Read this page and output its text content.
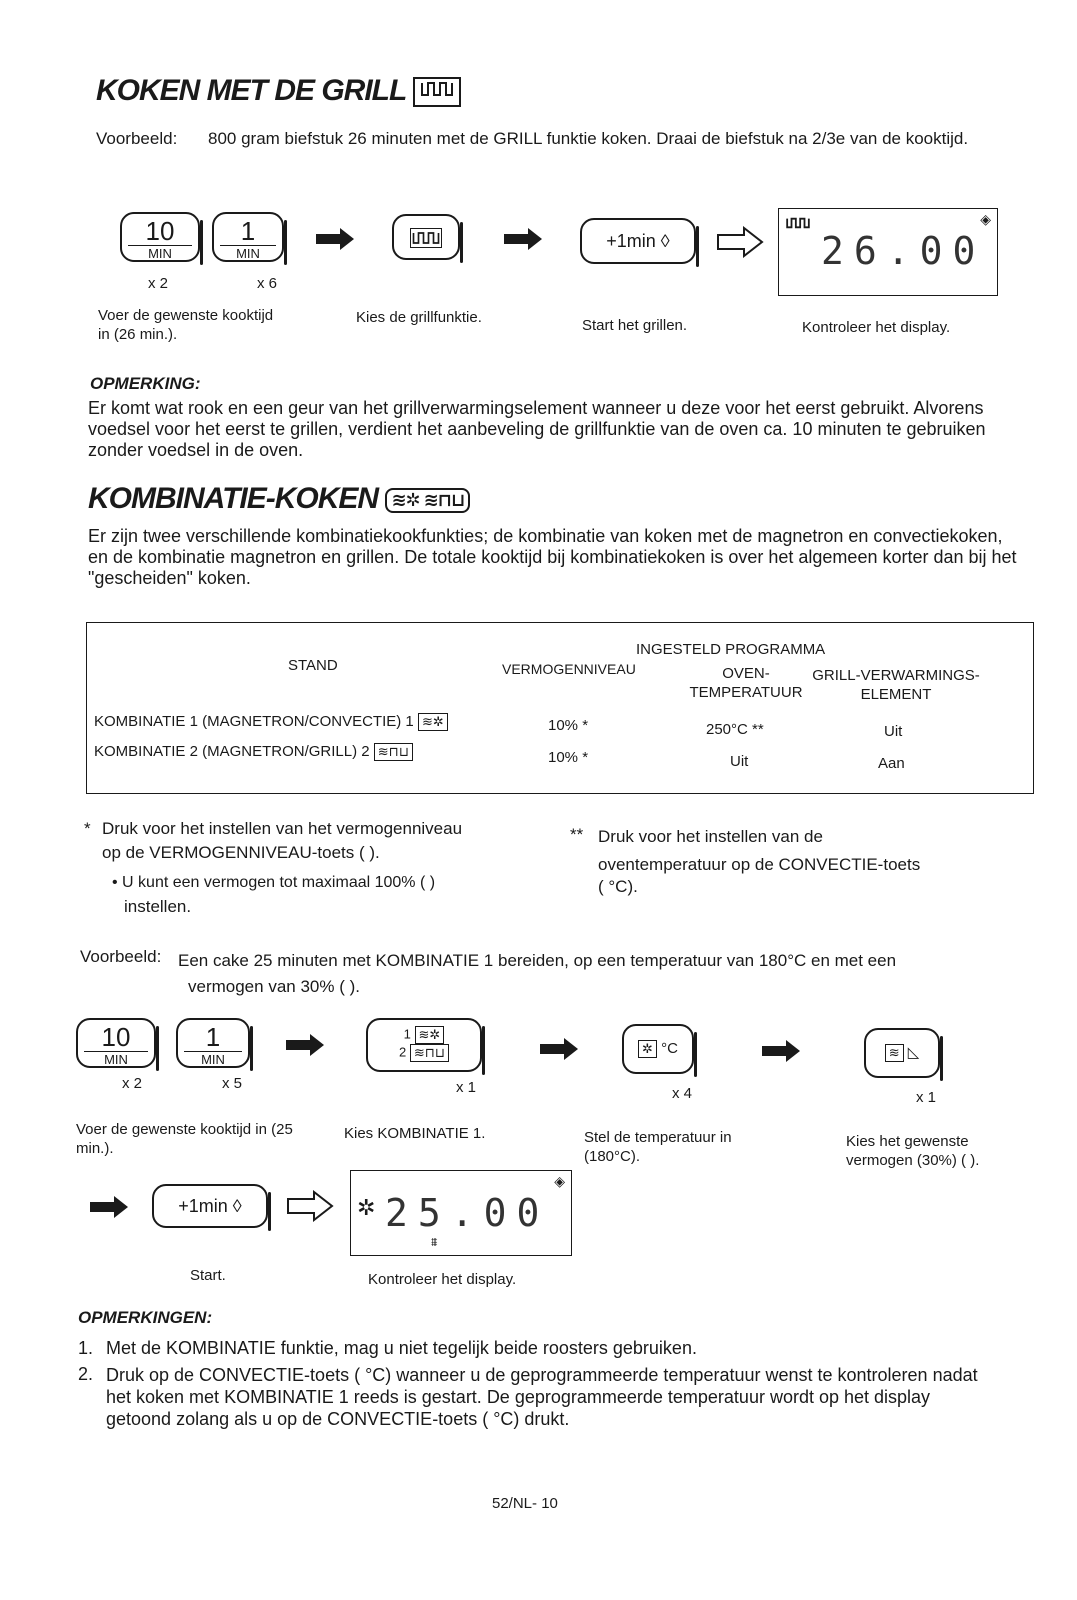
KOKEN MET DE GRILL
Voorbeeld:	800 gram biefstuk 26 minuten met de GRILL funktie koken. Draai de biefstuk na 2/3e van de kooktijd.
10
MIN
x 2
1
MIN
x 6
+1min ◊
◈
26.00
Voer de gewenste kooktijd in (26 min.).
Kies de grillfunktie.	Start het grillen.	Kontroleer het display.
OPMERKING:
Er komt wat rook en een geur van het grillverwarmingselement wanneer u deze voor het eerst gebruikt. Alvorens voedsel voor het eerst te grillen, verdient het aanbeveling de grillfunktie van de oven ca. 10 minuten te gebruiken zonder voedsel in de oven.
KOMBINATIE-KOKEN ≋✲ ≋⊓⊔
Er zijn twee verschillende kombinatiekookfunkties; de kombinatie van koken met de magnetron en convectiekoken, en de kombinatie magnetron en grillen. De totale kooktijd bij kombinatiekoken is over het algemeen korter dan bij het "gescheiden" koken.
INGESTELD PROGRAMMA
STAND	VERMOGENNIVEAU	OVEN-
TEMPERATUUR
GRILL-VERWARMINGS-
ELEMENT
KOMBINATIE 1 (MAGNETRON/CONVECTIE) 1 ≋✲	10% *	250°C **	Uit
KOMBINATIE 2 (MAGNETRON/GRILL) 2 ≋⊓⊔	10% *	Uit	Aan
* Druk voor het instellen van het vermogenniveau
op de VERMOGENNIVEAU-toets ( ).
• U kunt een vermogen tot maximaal 100% ( )
instellen.
** Druk voor het instellen van de
oventemperatuur op de CONVECTIE-toets
( °C).
Voorbeeld: Een cake 25 minuten met KOMBINATIE 1 bereiden, op een temperatuur van 180°C en met een
vermogen van 30% ( ).
10
MIN
x 2
1
MIN
x 5
1 ≋✲
2 ≋⊓⊔
x 1
✲ °C
x 4
≋ ◺
x 1
Voer de gewenste kooktijd in (25 min.).
Kies KOMBINATIE 1.	Stel de temperatuur in (180°C).
Kies het gewenste vermogen (30%) ( ).
+1min ◊	✲
◈
25.00
⩩
Start.	Kontroleer het display.
OPMERKINGEN:
1. Met de KOMBINATIE funktie, mag u niet tegelijk beide roosters gebruiken.
2. Druk op de CONVECTIE-toets ( °C) wanneer u de geprogrammeerde temperatuur wenst te kontroleren nadat het koken met KOMBINATIE 1 reeds is gestart. De geprogrammeerde temperatuur wordt op het display getoond zolang als u op de CONVECTIE-toets ( °C) drukt.
52/NL- 10
